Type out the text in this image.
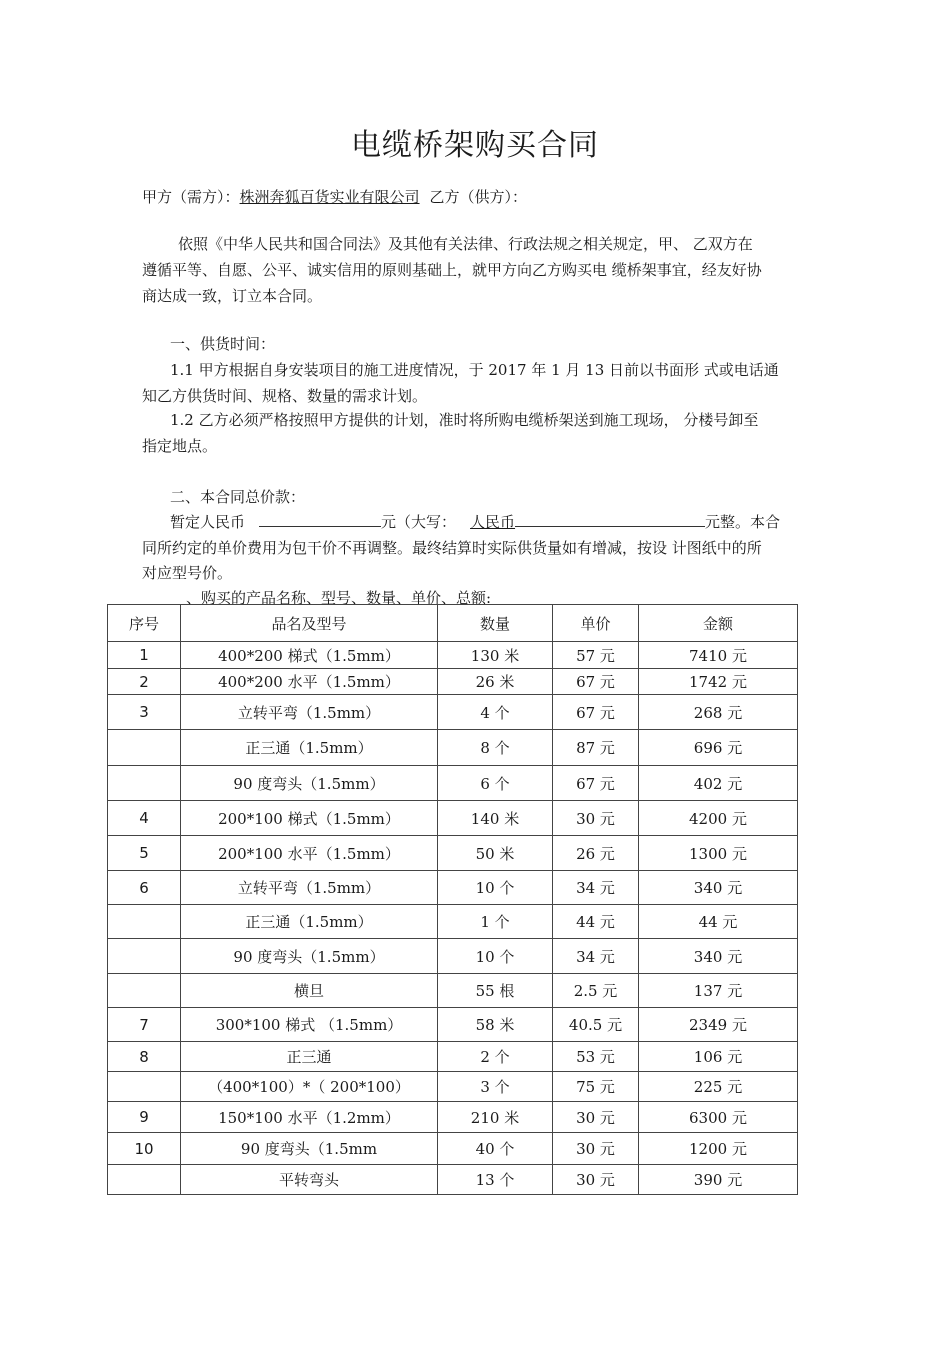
电缆桥架购买合同
甲方（需方）：株洲奔狐百货实业有限公司 乙方（供方）：
依照《中华人民共和国合同法》及其他有关法律、行政法规之相关规定，甲、 乙双方在
遵循平等、自愿、公平、诚实信用的原则基础上，就甲方向乙方购买电 缆桥架事宜，经友好协
商达成一致，订立本合同。
一、供货时间：
1.1 甲方根据自身安装项目的施工进度情况，于 2017 年 1 月 13 日前以书面形 式或电话通
知乙方供货时间、规格、数量的需求计划。
1.2 乙方必须严格按照甲方提供的计划，准时将所购电缆桥架送到施工现场， 分楼号卸至
指定地点。
二、本合同总价款：
暂定人民币	元（大写： 人民币	元整。本合
同所约定的单价费用为包干价不再调整。最终结算时实际供货量如有增减，按设 计图纸中的所
对应型号价。
、购买的产品名称、型号、数量、单价、总额:
序号	品名及型号	数量	单价	金额
1	400*200 梯式（1.5mm）	130 米	57 元	7410 元
2	400*200 水平（1.5mm）	26 米	67 元	1742 元
3	立转平弯（1.5mm）	4 个	67 元	268 元
	正三通（1.5mm）	8 个	87 元	696 元
	90 度弯头（1.5mm）	6 个	67 元	402 元
4	200*100 梯式（1.5mm）	140 米	30 元	4200 元
5	200*100 水平（1.5mm）	50 米	26 元	1300 元
6	立转平弯（1.5mm）	10 个	34 元	340 元
	正三通（1.5mm）	1 个	44 元	44 元
	90 度弯头（1.5mm）	10 个	34 元	340 元
	横旦	55 根	2.5 元	137 元
7	300*100 梯式 （1.5mm）	58 米	40.5 元	2349 元
8	正三通	2 个	53 元	106 元
	（400*100）*（ 200*100）	3 个	75 元	225 元
9	150*100 水平（1.2mm）	210 米	30 元	6300 元
10	90 度弯头（1.5mm	40 个	30 元	1200 元
	平转弯头	13 个	30 元	390 元
